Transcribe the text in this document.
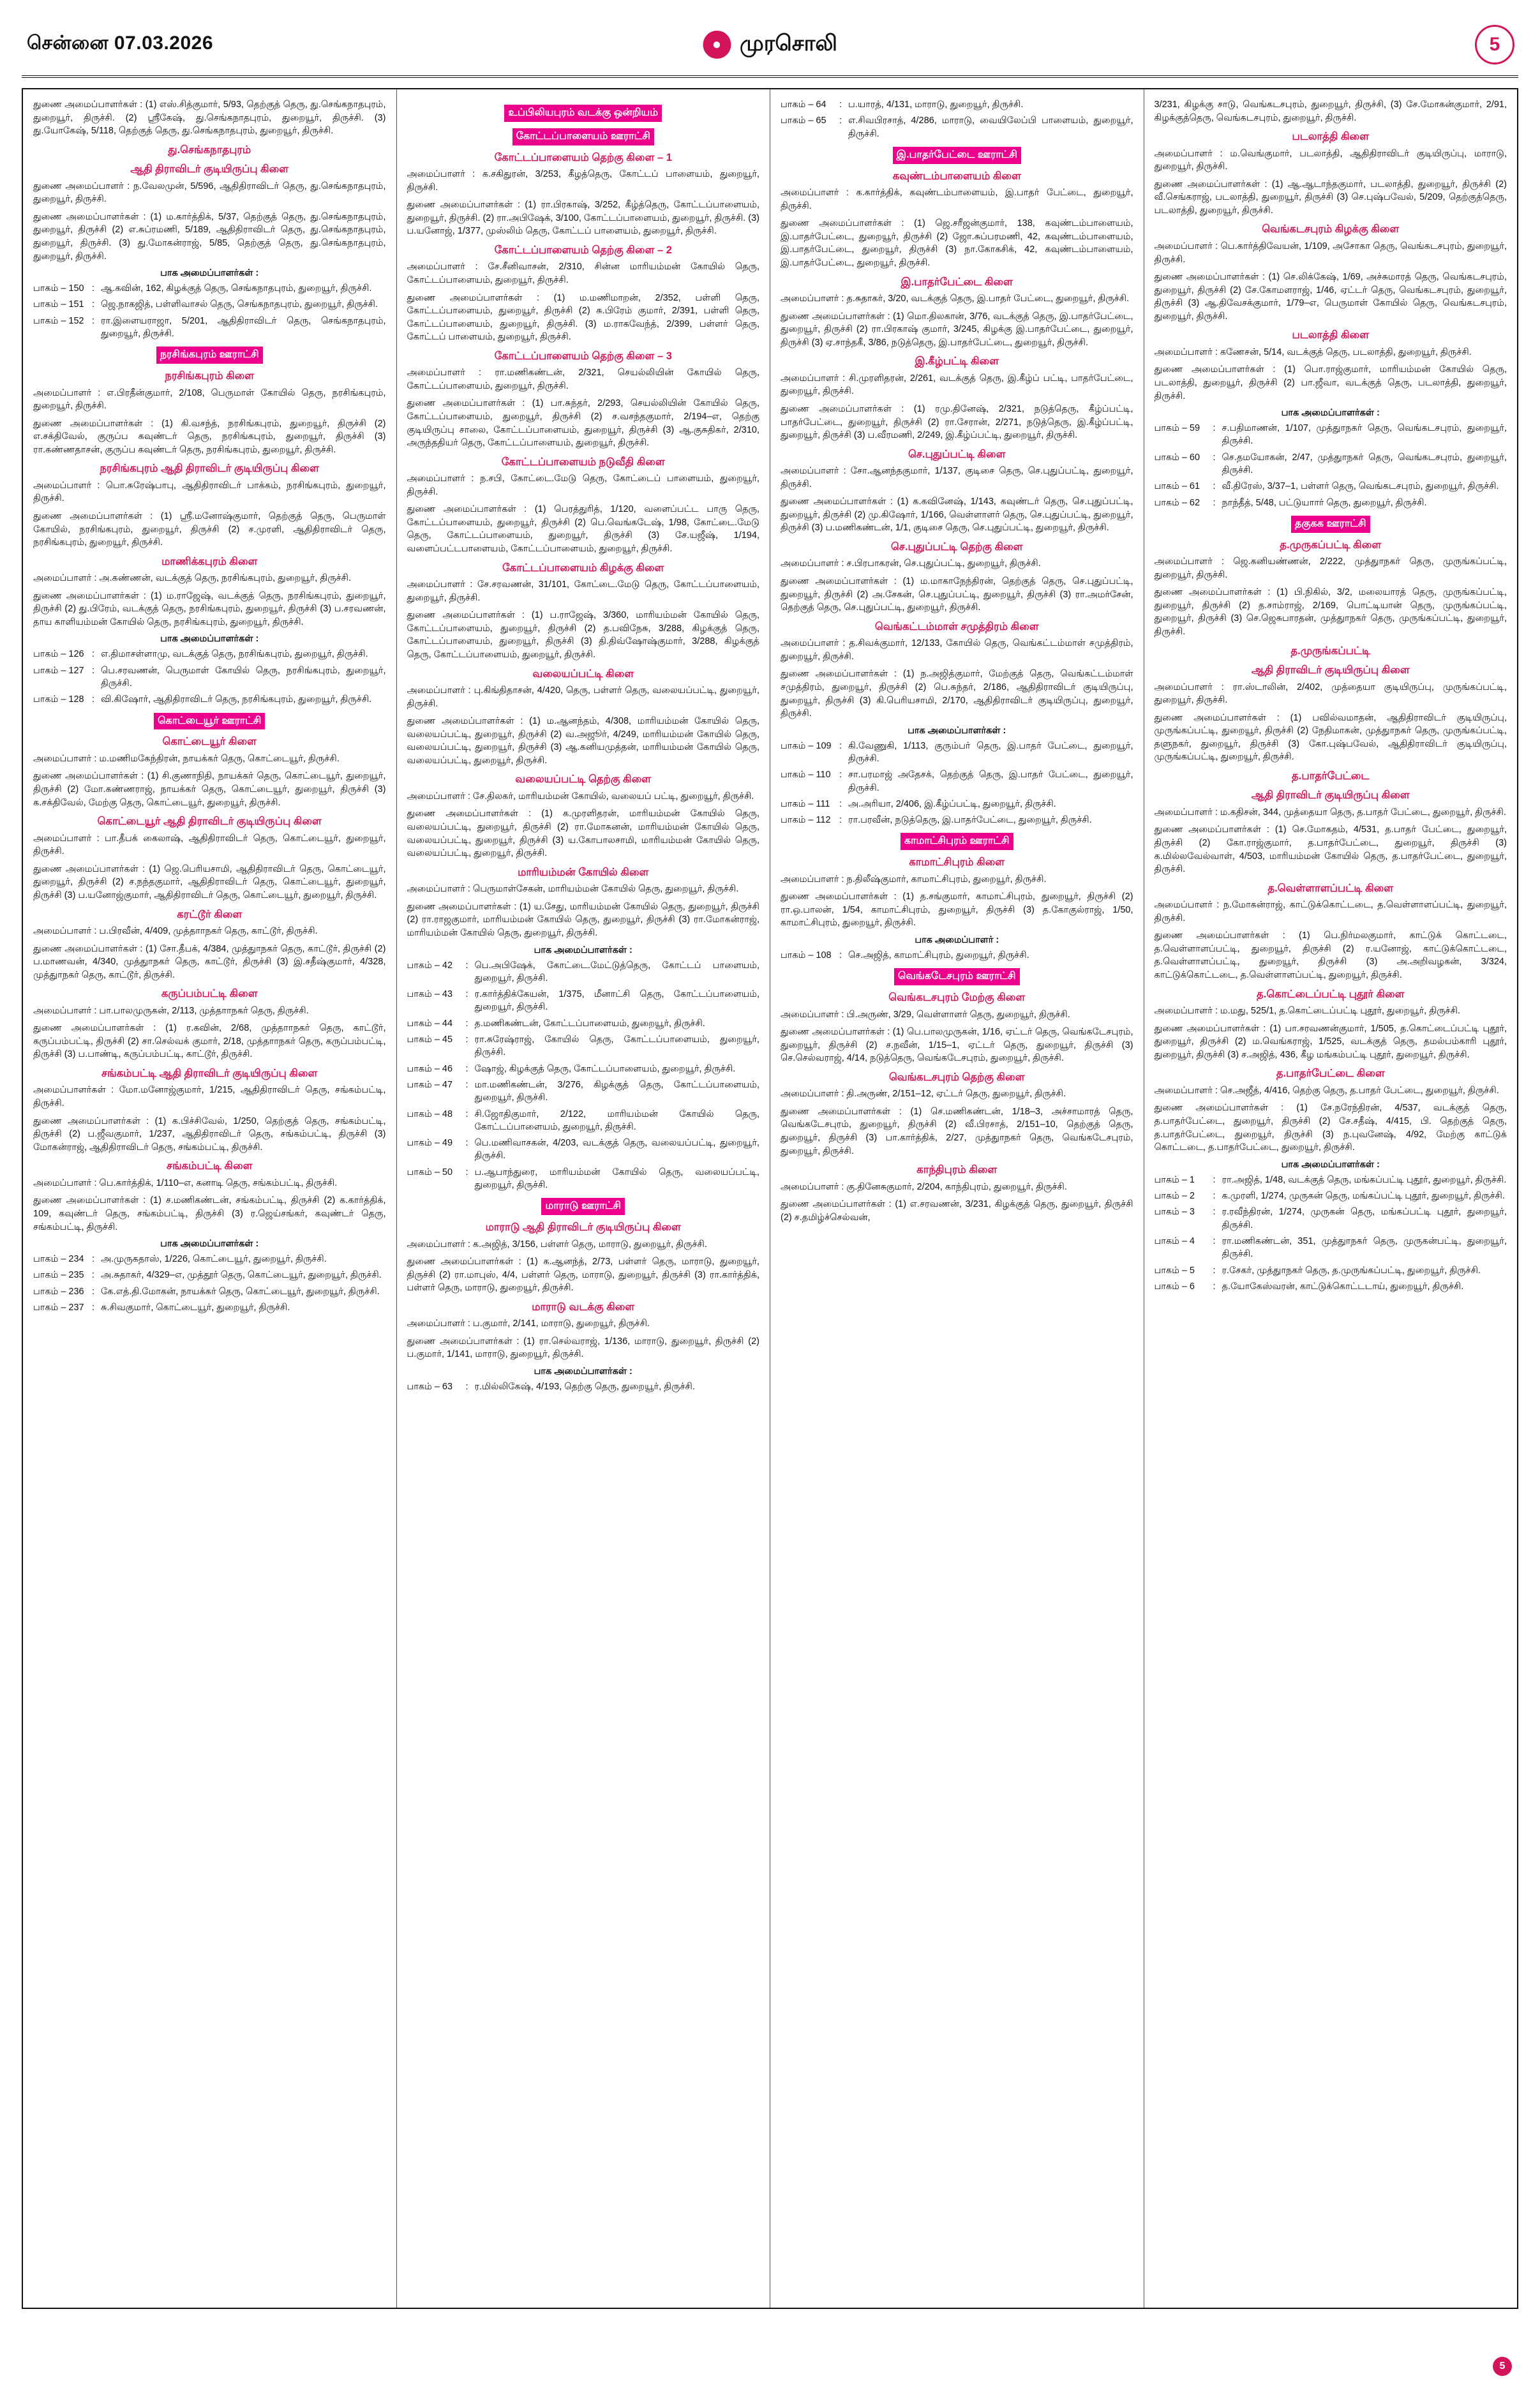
சென்னை 07.03.2026	● முரசொலி	5

துணை அமைப்பாளர்கள் : (1) எஸ்.சித்குமார், 5/93, தெற்குத் தெரு, து.செங்கநாதபுரம், துறையூர், திருச்சி. (2) ஶ்ரீகேஷ், து.செங்கநாதபுரம், துறையூர், திருச்சி. (3) து.யோகேஷ், 5/118, தெற்குத் தெரு, து.செங்கநாதபுரம், துறையூர், திருச்சி.

து.செங்கநாதபுரம்
ஆதி திராவிடர் குடியிருப்பு கிளை

துணை அமைப்பாளர் : ந.வேலமுன், 5/596, ஆதிதிராவிடர் தெரு, து.செங்கநாதபுரம், துறையூர், திருச்சி.

துணை அமைப்பாளர்கள் : (1) ம.கார்த்திக், 5/37, தெற்குத் தெரு, து.செங்கநாதபுரம், துறையூர், திருச்சி (2) எ.சுப்ரமணி, 5/189, ஆதிதிராவிடர் தெரு, து.செங்கநாதபுரம், துறையூர், திருச்சி. (3) து.மோகன்ராஜ், 5/85, தெற்குத் தெரு, து.செங்கநாதபுரம், துறையூர், திருச்சி.

பாக அமைப்பாளர்கள் :
பாகம் – 150 : ஆ.கவின், 162, கிழக்குத் தெரு, செங்கநாதபுரம், துறையூர், திருச்சி.
பாகம் – 151 : ஜெ.நாகஜித், பள்ளிவாசல் தெரு, செங்கநாதபுரம், துறையூர், திருச்சி.
பாகம் – 152 : ரா.இளையராஜா, 5/201, ஆதிதிராவிடர் தெரு, செங்கநாதபுரம், துறையூர், திருச்சி.
நரசிங்கபுரம் ஊராட்சி
நரசிங்கபுரம் கிளை

அமைப்பாளர் : எ.பிரதீன்குமார், 2/108, பெருமாள் கோயில் தெரு, நரசிங்கபுரம், துறையூர், திருச்சி.

துணை அமைப்பாளர்கள் : (1) கி.வசந்த், நரசிங்கபுரம், துறையூர், திருச்சி (2) எ.சக்திவேல், குருப்ப கவுண்டர் தெரு, நரசிங்கபுரம், துறையூர், திருச்சி (3) ரா.கண்ணதாசன், குருப்ப கவுண்டர் தெரு, நரசிங்கபுரம், துறையூர், திருச்சி.

நரசிங்கபுரம் ஆதி திராவிடர் குடியிருப்பு கிளை

அமைப்பாளர் : பொ.சுரேஷ்பாபு, ஆதிதிராவிடர் பாக்கம், நரசிங்கபுரம், துறையூர், திருச்சி.

துணை அமைப்பாளர்கள் : (1) ஸ்ரீ.மனோஷ்குமார், தெற்குத் தெரு, பெருமாள் கோயில், நரசிங்கபுரம், துறையூர், திருச்சி (2) ச.முரளி, ஆதிதிராவிடர் தெரு, நரசிங்கபுரம், துறையூர், திருச்சி.

மாணிக்கபுரம் கிளை

அமைப்பாளர் : அ.கண்ணன், வடக்குத் தெரு, நரசிங்கபுரம், துறையூர், திருச்சி.

துணை அமைப்பாளர்கள் : (1) ம.ராஜேஷ், வடக்குத் தெரு, நரசிங்கபுரம், துறையூர், திருச்சி (2) து.பிரேம், வடக்குத் தெரு, நரசிங்கபுரம், துறையூர், திருச்சி (3) ப.சரவணன், தாய காளியம்மன் கோயில் தெரு, நரசிங்கபுரம், துறையூர், திருச்சி.

பாக அமைப்பாளர்கள் :
பாகம் – 126 : எ.திமாசள்ளாமு, வடக்குத் தெரு, நரசிங்கபுரம், துறையூர், திருச்சி.
பாகம் – 127 : பெ.சரவணன், பெருமாள் கோயில் தெரு, நரசிங்கபுரம், துறையூர், திருச்சி.
பாகம் – 128 : வி.கிஷோர், ஆதிதிராவிடர் தெரு, நரசிங்கபுரம், துறையூர், திருச்சி.
கொட்டையூர் ஊராட்சி
கொட்டையூர் கிளை

அமைப்பாளர் : ம.மணிமகேந்திரன், நாயக்கர் தெரு, கொட்டையூர், திருச்சி.

துணை அமைப்பாளர்கள் : (1) சி.குணாநிதி, நாயக்கர் தெரு, கொட்டையூர், துறையூர், திருச்சி (2) மோ.கண்ணராஜ், நாயக்கர் தெரு, கொட்டையூர், துறையூர், திருச்சி (3) க.சக்திவேல், மேற்கு தெரு, கொட்டையூர், துறையூர், திருச்சி.

கொட்டையூர் ஆதி திராவிடர் குடியிருப்பு கிளை

அமைப்பாளர் : பா.தீபக் கைலாஷ், ஆதிதிராவிடர் தெரு, கொட்டையூர், துறையூர், திருச்சி.

துணை அமைப்பாளர்கள் : (1) ஜெ.பெரியசாமி, ஆதிதிராவிடர் தெரு, கொட்டையூர், துறையூர், திருச்சி (2) ச.நந்தகுமார், ஆதிதிராவிடர் தெரு, கொட்டையூர், துறையூர், திருச்சி (3) ப.யனோஜ்குமார், ஆதிதிராவிடர் தெரு, கொட்டையூர், துறையூர், திருச்சி.

கரட்டூர் கிளை

அமைப்பாளர் : ப.பிரவீன், 4/409, முத்தாாநகர் தெரு, காட்டூர், திருச்சி.

துணை அமைப்பாளர்கள் : (1) சோ.தீபக், 4/384, முத்துாநகர் தெரு, காட்டூர், திருச்சி (2) ப.மாணவன், 4/340, முத்துாநகர் தெரு, காட்டூர், திருச்சி (3) இ.சதீஷ்குமார், 4/328, முத்துாநகர் தெரு, காட்டூர், திருச்சி.

கருப்பம்பட்டி கிளை

அமைப்பாளர் : பா.பாலமுருகன், 2/113, முத்தாாநகர் தெரு, திருச்சி.

துணை அமைப்பாளர்கள் : (1) ர.கவின், 2/68, முத்தாாநகர் தெரு, காட்டூர், கருப்பம்பட்டி, திருச்சி (2) சா.செல்வக் குமார், 2/18, முத்தாாநகர் தெரு, கருப்பம்பட்டி, திருச்சி (3) ப.பாண்டி, கருப்பம்பட்டி, காட்டூர், திருச்சி.

சங்கம்பட்டி ஆதி திராவிடர் குடியிருப்பு கிளை

அமைப்பாளர்கள் : மோ.மனோஜ்குமார், 1/215, ஆதிதிராவிடர் தெரு, சங்கம்பட்டி, திருச்சி.

துணை அமைப்பாளர்கள் : (1) க.பிச்சிவேல், 1/250, தெற்குத் தெரு, சங்கம்பட்டி, திருச்சி (2) ப.ஜீவகுமார், 1/237, ஆதிதிராவிடர் தெரு, சங்கம்பட்டி, திருச்சி (3) மோகன்ராஜ், ஆதிதிராவிடர் தெரு, சங்கம்பட்டி, திருச்சி.

சங்கம்பட்டி கிளை

அமைப்பாளர் : பெ.கார்த்திக், 1/110–எ, கனாடி தெரு, சங்கம்பட்டி, திருச்சி.

துணை அமைப்பாளர்கள் : (1) ச.மணிகண்டன், சங்கம்பட்டி, திருச்சி (2) க.கார்த்திக், 109, கவுண்டர் தெரு, சங்கம்பட்டி, திருச்சி (3) ர.ஜெய்சங்கர், கவுண்டர் தெரு, சங்கம்பட்டி, திருச்சி.

பாக அமைப்பாளர்கள் :
பாகம் – 234 : அ.முருகதாஸ், 1/226, கொட்டையூர், துறையூர், திருச்சி.
பாகம் – 235 : அ.சுதாகர், 4/329–எ, முத்தூர் தெரு, கொட்டையூர், துறையூர், திருச்சி.
பாகம் – 236 : கே.எத்.தி.மோகன், நாயக்கர் தெரு, கொட்டையூர், துறையூர், திருச்சி.
பாகம் – 237 : சு.சிவகுமார், கொட்டையூர், துறையூர், திருச்சி.
உப்பிலியபுரம் வடக்கு ஒன்றியம்
கோட்டப்பாளையம் ஊராட்சி
கோட்டப்பாளையம் தெற்கு கிளை – 1

அமைப்பாளர் : க.சகிதுரன், 3/253, கீழத்தெரு, கோட்டப் பாளையம், துறையூர், திருச்சி.

துணை அமைப்பாளர்கள் : (1) ரா.பிரகாஷ், 3/252, கீழ்த்தெரு, கோட்டப்பாளையம், துறையூர், திருச்சி. (2) ரா.அபிஷேக், 3/100, கோட்டப்பாளையம், துறையூர், திருச்சி. (3) ப.யனோஜ், 1/377, முஸ்லிம் தெரு, கோட்டப் பாளையம், துறையூர், திருச்சி.

கோட்டப்பாளையம் தெற்கு கிளை – 2

அமைப்பாளர் : சே.சீனிவாசன், 2/310, சின்ன மாரியம்மன் கோயில் தெரு, கோட்டப்பாளையம், துறையூர், திருச்சி.

துணை அமைப்பாளர்கள் : (1) ம.மணிமாறன், 2/352, பள்ளி தெரு, கோட்டப்பாளையம், துறையூர், திருச்சி (2) சு.பிரேம் குமார், 2/391, பள்ளி தெரு, கோட்டப்பாளையம், துறையூர், திருச்சி. (3) ம.ராகவேந்த், 2/399, பள்ளர் தெரு, கோட்டப் பாளையம், துறையூர், திருச்சி.

கோட்டப்பாளையம் தெற்கு கிளை – 3

அமைப்பாளர் : ரா.மணிகண்டன், 2/321, செயல்லியின் கோயில் தெரு, கோட்டப்பாளையம், துறையூர், திருச்சி.

துணை அமைப்பாளர்கள் : (1) பா.சுந்தர், 2/293, செயல்லியின் கோயில் தெரு, கோட்டப்பாளையம், துறையூர், திருச்சி (2) ச.வசந்தகுமார், 2/194–எ, தெற்கு குடியிருப்பு சாலை, கோட்டப்பாளையம், துறையூர், திருச்சி (3) ஆ.குசுதிகர், 2/310, அருந்ததியர் தெரு, கோட்டப்பாளையம், துறையூர், திருச்சி.

கோட்டப்பாளையம் நடுவீதி கிளை

அமைப்பாளர் : ந.சபி, கோட்டை.மேடு தெரு, கோட்டைப் பாளையம், துறையூர், திருச்சி.

துணை அமைப்பாளர்கள் : (1) பெரத்துரித், 1/120, வளைப்பட்ட பாரு தெரு, கோட்டப்பாளையம், துறையூர், திருச்சி (2) பெ.வெங்கடேஷ், 1/98, கோட்டை.மேடு தெரு, கோட்டப்பாளையம், துறையூர், திருச்சி (3) சே.யஜீஷ், 1/194, வளைப்பட்டபாளையம், கோட்டப்பாளையம், துறையூர், திருச்சி.

கோட்டப்பாளையம் கிழக்கு கிளை

அமைப்பாளர் : சே.சரவணன், 31/101, கோட்டை.மேடு தெரு, கோட்டப்பாளையம், துறையூர், திருச்சி.

துணை அமைப்பாளர்கள் : (1) ப.ராஜேஷ், 3/360, மாரியம்மன் கோயில் தெரு, கோட்டப்பாளையம், துறையூர், திருச்சி (2) த.பவிநேசு, 3/288, கிழக்குத் தெரு, கோட்டப்பாளையம், துறையூர், திருச்சி (3) தி.திவ்ஷோஷ்குமார், 3/288, கிழக்குத் தெரு, கோட்டப்பாளையம், துறையூர், திருச்சி.

வலையப்பட்டி கிளை

அமைப்பாளர் : பு.கிங்திதாசன், 4/420, தெரு, பள்ளர் தெரு, வலையப்பட்டி, துறையூர், திருச்சி.

துணை அமைப்பாளர்கள் : (1) ம.ஆனந்தம், 4/308, மாரியம்மன் கோயில் தெரு, வலையப்பட்டி, துறையூர், திருச்சி (2) வ.அஜூர், 4/249, மாரியம்மன் கோயில் தெரு, வலையப்பட்டி, துறையூர், திருச்சி (3) ஆ.கனியமுத்தன், மாரியம்மன் கோயில் தெரு, வலையப்பட்டி, துறையூர், திருச்சி.

வலையப்பட்டி தெற்கு கிளை

அமைப்பாளர் : சே.திலகர், மாரியம்மன் கோயில், வலையப் பட்டி, துறையூர், திருச்சி.

துணை அமைப்பாளர்கள் : (1) க.முரளிதரன், மாரியம்மன் கோயில் தெரு, வலையப்பட்டி, துறையூர், திருச்சி (2) ரா.மோகனன், மாரியம்மன் கோயில் தெரு, வலையப்பட்டி, துறையூர், திருச்சி (3) ய.கோபாலசாமி, மாரியம்மன் கோயில் தெரு, வலையப்பட்டி, துறையூர், திருச்சி.

மாரியம்மன் கோயில் கிளை

அமைப்பாளர் : பெருமாள்சேகன், மாரியம்மன் கோயில் தெரு, துறையூர், திருச்சி.

துணை அமைப்பாளர்கள் : (1) ய.சேது, மாரியம்மன் கோயில் தெரு, துறையூர், திருச்சி (2) ரா.ராஜகுமார், மாரியம்மன் கோயில் தெரு, துறையூர், திருச்சி (3) ரா.மோகன்ராஜ், மாரியம்மன் கோயில் தெரு, துறையூர், திருச்சி.

பாக அமைப்பாளர்கள் :
பாகம் – 42	: பெ.அபிஷேக், கோட்டை.மேட்டுத்தெரு, கோட்டப் பாளையம், துறையூர், திருச்சி.
பாகம் – 43	: ர.கார்த்திக்கேயன், 1/375, மீனாட்சி தெரு, கோட்டப்பாளையம், துறையூர், திருச்சி.
பாகம் – 44	: த.மணிகண்டன், கோட்டப்பாளையம், துறையூர், திருச்சி.
பாகம் – 45	: ரா.சுரேஷ்ராஜ், கோயில் தெரு, கோட்டப்பாளையம், துறையூர், திருச்சி.
பாகம் – 46	: ஷோஜ், கிழக்குத் தெரு, கோட்டப்பாளையம், துறையூர், திருச்சி.
பாகம் – 47	: மா.மணிகண்டன், 3/276, கிழக்குத் தெரு, கோட்டப்பாளையம், துறையூர், திருச்சி.
பாகம் – 48	: சி.ஜோதிகுமார், 2/122, மாரியம்மன் கோயில் தெரு, கோட்டப்பாளையம், துறையூர், திருச்சி.
பாகம் – 49	: பெ.மணிவாசகன், 4/203, வடக்குத் தெரு, வலையப்பட்டி, துறையூர், திருச்சி.
பாகம் – 50	: ப.ஆபாந்துரை, மாரியம்மன் கோயில் தெரு, வலையப்பட்டி, துறையூர், திருச்சி.
மாராடு ஊராட்சி
மாராடு ஆதி திராவிடர் குடியிருப்பு கிளை

அமைப்பாளர் : க.அஜித், 3/156, பள்ளர் தெரு, மாராடு, துறையூர், திருச்சி.

துணை அமைப்பாளர்கள் : (1) க.ஆனந்த், 2/73, பள்ளர் தெரு, மாராடு, துறையூர், திருச்சி (2) ரா.மாபுஸ், 4/4, பள்ளர் தெரு, மாராடு, துறையூர், திருச்சி (3) ரா.கார்த்திக், பள்ளர் தெரு, மாராடு, துறையூர், திருச்சி.

மாராடு வடக்கு கிளை

அமைப்பாளர் : ப.குமார், 2/141, மாராடு, துறையூர், திருச்சி.

துணை அமைப்பாளர்கள் : (1) ரா.செல்வராஜ், 1/136, மாராடு, துறையூர், திருச்சி (2) ப.குமார், 1/141, மாராடு, துறையூர், திருச்சி.

பாக அமைப்பாளர்கள் :
பாகம் – 63	: ர.மில்லிகேஷ், 4/193, தெற்கு தெரு, துறையூர், திருச்சி.
பாகம் – 64	: ப.யாரத், 4/131, மாராடு, துறையூர், திருச்சி.
பாகம் – 65	: எ.சிவபிரசாத், 4/286, மாராடு, வையிலேப்பி பாளையம், துறையூர், திருச்சி.
இ.பாதர்பேட்டை ஊராட்சி
கவுண்டம்பாளையம் கிளை

அமைப்பாளர் : க.கார்த்திக், கவுண்டம்பாளையம், இ.பாதர் பேட்டை, துறையூர், திருச்சி.

துணை அமைப்பாளர்கள் : (1) ஜெ.சரீஜன்குமார், 138, கவுண்டம்பாளையம், இ.பாதர்பேட்டை, துறையூர், திருச்சி (2) ஜோ.சுப்பரமணி, 42, கவுண்டம்பாளையம், இ.பாதர்பேட்டை, துறையூர், திருச்சி (3) நா.கோகசிக், 42, கவுண்டம்பாளையம், இ.பாதர்பேட்டை, துறையூர், திருச்சி.

இ.பாதர்பேட்டை கிளை

அமைப்பாளர் : த.சுதாகர், 3/20, வடக்குத் தெரு, இ.பாதர் பேட்டை, துறையூர், திருச்சி.

துணை அமைப்பாளர்கள் : (1) மொ.திலகான், 3/76, வடக்குத் தெரு, இ.பாதர்பேட்டை, துறையூர், திருச்சி (2) ரா.பிரகாஷ் குமார், 3/245, கிழக்கு இ.பாதர்பேட்டை, துறையூர், திருச்சி (3) ஏ.சாந்தகீ, 3/86, நடுத்தெரு, இ.பாதர்பேட்டை, துறையூர், திருச்சி.

இ.கீழ்பட்டி கிளை

அமைப்பாளர் : சி.முரளிதரன், 2/261, வடக்குத் தெரு, இ.கீழ்ப் பட்டி, பாதர்பேட்டை, துறையூர், திருச்சி.

துணை அமைப்பாளர்கள் : (1) ரமு.தினேஷ், 2/321, நடுத்தெரு, கீழ்ப்பட்டி, பாதர்பேட்டை, துறையூர், திருச்சி (2) ரா.சேரான், 2/271, நடுத்தெரு, இ.கீழ்ப்பட்டி, துறையூர், திருச்சி (3) ப.வீரமணி, 2/249, இ.கீழ்ப்பட்டி, துறையூர், திருச்சி.

செ.புதுப்பட்டி கிளை

அமைப்பாளர் : சோ.ஆனந்தகுமார், 1/137, குடிசை தெரு, செ.புதுப்பட்டி, துறையூர், திருச்சி.

துணை அமைப்பாளர்கள் : (1) க.கவினேஷ், 1/143, கவுண்டர் தெரு, செ.புதுப்பட்டி, துறையூர், திருச்சி (2) மு.கிஷோர், 1/166, வெள்ளாளர் தெரு, செ.புதுப்பட்டி, துறையூர், திருச்சி (3) ப.மணிகண்டன், 1/1, குடிசை தெரு, செ.புதுப்பட்டி, துறையூர், திருச்சி.

செ.புதுப்பட்டி தெற்கு கிளை

அமைப்பாளர் : ச.பிரபாகரன், செ.புதுப்பட்டி, துறையூர், திருச்சி.

துணை அமைப்பாளர்கள் : (1) ம.மாகாநேந்திரன், தெற்குத் தெரு, செ.புதுப்பட்டி, துறையூர், திருச்சி (2) அ.சேகன், செ.புதுப்பட்டி, துறையூர், திருச்சி (3) ரா.அமர்சேன், தெற்குத் தெரு, செ.புதுப்பட்டி, துறையூர், திருச்சி.

வெங்கட்டம்மாள் சமுத்திரம் கிளை

அமைப்பாளர் : த.சிவக்குமார், 12/133, கோயில் தெரு, வெங்கட்டம்மாள் சமுத்திரம், துறையூர், திருச்சி.

துணை அமைப்பாளர்கள் : (1) ந.அஜித்குமார், மேற்குத் தெரு, வெங்கட்டம்மாள் சமுத்திரம், துறையூர், திருச்சி (2) பெ.சுந்தர், 2/186, ஆதிதிராவிடர் குடியிருப்பு, துறையூர், திருச்சி (3) கி.பெரியசாமி, 2/170, ஆதிதிராவிடர் குடியிருப்பு, துறையூர், திருச்சி.

பாக அமைப்பாளர்கள் :
பாகம் – 109 : கி.வேணுகி, 1/113, குரும்பர் தெரு, இ.பாதர் பேட்டை, துறையூர், திருச்சி.
பாகம் – 110 : சா.பரமாஜ் அதேசக், தெற்குத் தெரு, இ.பாதர் பேட்டை, துறையூர், திருச்சி.
பாகம் – 111	: அ.அரியா, 2/406, இ.கீழ்ப்பட்டி, துறையூர், திருச்சி.
பாகம் – 112 : ரா.பரவீன், நடுத்தெரு, இ.பாதர்பேட்டை, துறையூர், திருச்சி.
காமாட்சிபுரம் ஊராட்சி
காமாட்சிபுரம் கிளை

அமைப்பாளர் : ந.திலீஷ்குமார், காமாட்சிபுரம், துறையூர், திருச்சி.

துணை அமைப்பாளர்கள் : (1) த.சங்குமார், காமாட்சிபுரம், துறையூர், திருச்சி (2) ரா.ஒ.பாலன், 1/54, காமாட்சிபுரம், துறையூர், திருச்சி (3) த.கோகுல்ராஜ், 1/50, காமாட்சிபுரம், துறையூர், திருச்சி.

பாக அமைப்பாளர் :
பாகம் – 108 : செ.அஜித், காமாட்சிபுரம், துறையூர், திருச்சி.
வெங்கடேசபுரம் ஊராட்சி
வெங்கடசபுரம் மேற்கு கிளை

அமைப்பாளர் : பி.அருண், 3/29, வெள்ளாளர் தெரு, துறையூர், திருச்சி.

துணை அமைப்பாளர்கள் : (1) பெ.பாலமுருகன், 1/16, ஏட்டர் தெரு, வெங்கடேசபுரம், துறையூர், திருச்சி (2) ச.நவீன், 1/15–1, ஏட்டர் தெரு, துறையூர், திருச்சி (3) செ.செல்வராஜ், 4/14, நடுத்தெரு, வெங்கடேசபுரம், துறையூர், திருச்சி.

வெங்கடசபுரம் தெற்கு கிளை

அமைப்பாளர் : தி.அருண், 2/151–12, ஏட்டர் தெரு, துறையூர், திருச்சி.

துணை அமைப்பாளர்கள் : (1) செ.மணிகண்டன், 1/18–3, அச்சாமாரத் தெரு, வெங்கடேசபுரம், துறையூர், திருச்சி (2) வீ.பிரசாத், 2/151–10, தெற்குத் தெரு, துறையூர், திருச்சி (3) பா.கார்த்திக், 2/27, முத்துாநகர் தெரு, வெங்கடேசபுரம், துறையூர், திருச்சி.

காந்திபுரம் கிளை

அமைப்பாளர் : கு.தினேசுகுமார், 2/204, காந்திபுரம், துறையூர், திருச்சி.

துணை அமைப்பாளர்கள் : (1) எ.சரவணன், 3/231, கிழக்குத் தெரு, துறையூர், திருச்சி (2) ச.தமிழ்ச்செல்வன்,

3/231, கிழக்கு சாடு, வெங்கடசபுரம், துறையூர், திருச்சி, (3) சே.மோகன்குமார், 2/91, கிழக்குத்தெரு, வெங்கடசபுரம், துறையூர், திருச்சி.

படலாத்தி கிளை

அமைப்பாளர் : ம.வெங்குமார், படலாத்தி, ஆதிதிராவிடர் குடியிருப்பு, மாராடு, துறையூர், திருச்சி.

துணை அமைப்பாளர்கள் : (1) ஆ.ஆடாந்தகுமார், படலாத்தி, துறையூர், திருச்சி (2) வீ.செங்கராஜ், படலாத்தி, துறையூர், திருச்சி (3) செ.புஷ்பவேல், 5/209, தெற்குத்தெரு, படலாத்தி, துறையூர், திருச்சி.

வெங்கடசபுரம் கிழக்கு கிளை

அமைப்பாளர் : பெ.கார்த்திவேயன், 1/109, அசோகா தெரு, வெங்கடசபுரம், துறையூர், திருச்சி.

துணை அமைப்பாளர்கள் : (1) செ.லிக்கேஷ், 1/69, அச்சுமாரத் தெரு, வெங்கடசபுரம், துறையூர், திருச்சி (2) சே.கோமளராஜ், 1/46, ஏட்டர் தெரு, வெங்கடசபுரம், துறையூர், திருச்சி (3) ஆ.திவேசக்குமார், 1/79–எ, பெருமாள் கோயில் தெரு, வெங்கடசபுரம், துறையூர், திருச்சி.

படலாத்தி கிளை

அமைப்பாளர் : கணேசன், 5/14, வடக்குத் தெரு, படலாத்தி, துறையூர், திருச்சி.

துணை அமைப்பாளர்கள் : (1) பொ.ராஜ்குமார், மாரியம்மன் கோயில் தெரு, படலாத்தி, துறையூர், திருச்சி (2) பா.ஜீவா, வடக்குத் தெரு, படலாத்தி, துறையூர், திருச்சி.

பாக அமைப்பாளர்கள் :
பாகம் – 59	: ச.பதிமாணன், 1/107, முத்துாநகர் தெரு, வெங்கடசபுரம், துறையூர், திருச்சி.
பாகம் – 60	: செ.தமயோகன், 2/47, முத்துாநகர் தெரு, வெங்கடசபுரம், துறையூர், திருச்சி.
பாகம் – 61	: வீ.திரேஸ், 3/37–1, பள்ளர் தெரு, வெங்கடசபுரம், துறையூர், திருச்சி.
பாகம் – 62	: நாந்தீத், 5/48, பட்டுயாார் தெரு, துறையூர், திருச்சி.
தகுகக ஊராட்சி
த.முருகப்பட்டி கிளை

அமைப்பாளர் : ஜெ.கனியண்ணன், 2/222, முத்துாநகர் தெரு, முருங்கப்பட்டி, துறையூர், திருச்சி.

துணை அமைப்பாளர்கள் : (1) பி.நிகில், 3/2, மலையாரத் தெரு, முருங்கப்பட்டி, துறையூர், திருச்சி (2) த.சாம்ராஜ், 2/169, பொட்டியான் தெரு, முருங்கப்பட்டி, துறையூர், திருச்சி (3) செ.ஜெசுபாரதன், முத்துாநகர் தெரு, முருங்கப்பட்டி, துறையூர், திருச்சி.

த.முருங்கப்பட்டி
ஆதி திராவிடர் குடியிருப்பு கிளை

அமைப்பாளர் : ரா.ஸ்டாலின், 2/402, முத்தையா குடியிருப்பு, முருங்கப்பட்டி, துறையூர், திருச்சி.

துணை அமைப்பாளர்கள் : (1) பவில்வமாதன், ஆதிதிராவிடர் குடியிருப்பு, முருங்கப்பட்டி, துறையூர், திருச்சி (2) நேதிமாகன், முத்துாநகர் தெரு, முருங்கப்பட்டி, தளுநகர், துறையூர், திருச்சி (3) கோ.புஷ்பவேல், ஆதிதிராவிடர் குடியிருப்பு, முருங்கப்பட்டி, துறையூர், திருச்சி.

த.பாதர்பேட்டை
ஆதி திராவிடர் குடியிருப்பு கிளை

அமைப்பாளர் : ம.கதிசன், 344, முத்தையா தெரு, த.பாதர் பேட்டை, துறையூர், திருச்சி.

துணை அமைப்பாளர்கள் : (1) செ.மோகதம், 4/531, த.பாதர் பேட்டை, துறையூர், திருச்சி (2) கோ.ராஜ்குமார், த.பாதர்பேட்டை, துறையூர், திருச்சி (3) க.மில்லவேல்வாள், 4/503, மாரியம்மன் கோயில் தெரு, த.பாதர்பேட்டை, துறையூர், திருச்சி.

த.வெள்ளாளப்பட்டி கிளை

அமைப்பாளர் : ந.மோகன்ராஜ், காட்டுக்கொட்டடை, த.வெள்ளாளப்பட்டி, துறையூர், திருச்சி.

துணை அமைப்பாளர்கள் : (1) பெ.நிர்மலகுமார், காட்டுக் கொட்டடை, த.வெள்ளாளப்பட்டி, துறையூர், திருச்சி (2) ர.யனோஜ், காட்டுக்கொட்டடை, த.வெள்ளாளப்பட்டி, துறையூர், திருச்சி (3) அ.அறிவழகன், 3/324, காட்டுக்கொட்டடை, த.வெள்ளாளப்பட்டி, துறையூர், திருச்சி.

த.கொட்டைப்பட்டி புதூர் கிளை

அமைப்பாளர் : ம.மது, 525/1, த.கொட்டைப்பட்டி புதூர், துறையூர், திருச்சி.

துணை அமைப்பாளர்கள் : (1) பா.சரவணன்குமார், 1/505, த.கொட்டைப்பட்டி புதூர், துறையூர், திருச்சி (2) ம.வெங்கராஜ், 1/525, வடக்குத் தெரு, தமல்பம்காரி புதூர், துறையூர், திருச்சி (3) ச.அஜித், 436, கீழ மங்கம்பட்டி புதூர், துறையூர், திருச்சி.

த.பாதர்பேட்டை கிளை

அமைப்பாளர் : செ.அஜீத், 4/416, தெற்கு தெரு, த.பாதர் பேட்டை, துறையூர், திருச்சி.

துணை அமைப்பாளர்கள் : (1) சே.நரேந்திரன், 4/537, வடக்குத் தெரு, த.பாதர்பேட்டை, துறையூர், திருச்சி (2) சே.சதீஷ், 4/415, பி. தெற்குத் தெரு, த.பாதர்பேட்டை, துறையூர், திருச்சி (3) ந.புவனேஷ், 4/92, மேற்கு காட்டுக் கொட்டடை, த.பாதர்பேட்டை, துறையூர், திருச்சி.

பாக அமைப்பாளர்கள் :
பாகம் – 1	: ரா.அஜித், 1/48, வடக்குத் தெரு, மங்கப்பட்டி புதூர், துறையூர், திருச்சி.
பாகம் – 2	: க.முரளி, 1/274, முருகன் தெரு, மங்கப்பட்டி புதூர், துறையூர், திருச்சி.
பாகம் – 3	: ர.ரவீந்திரன், 1/274, முருகன் தெரு, மங்கப்பட்டி புதூர், துறையூர், திருச்சி.
பாகம் – 4	: ரா.மணிகண்டன், 351, முத்துாநகர் தெரு, முருகன்பட்டி, துறையூர், திருச்சி.
பாகம் – 5	: ர.சேகர், முத்துாநகர் தெரு, த.முருங்கப்பட்டி, துறையூர், திருச்சி.
பாகம் – 6	: த.யோகேஸ்வரன், காட்டுக்கொட்டடாய், துறையூர், திருச்சி.
5
